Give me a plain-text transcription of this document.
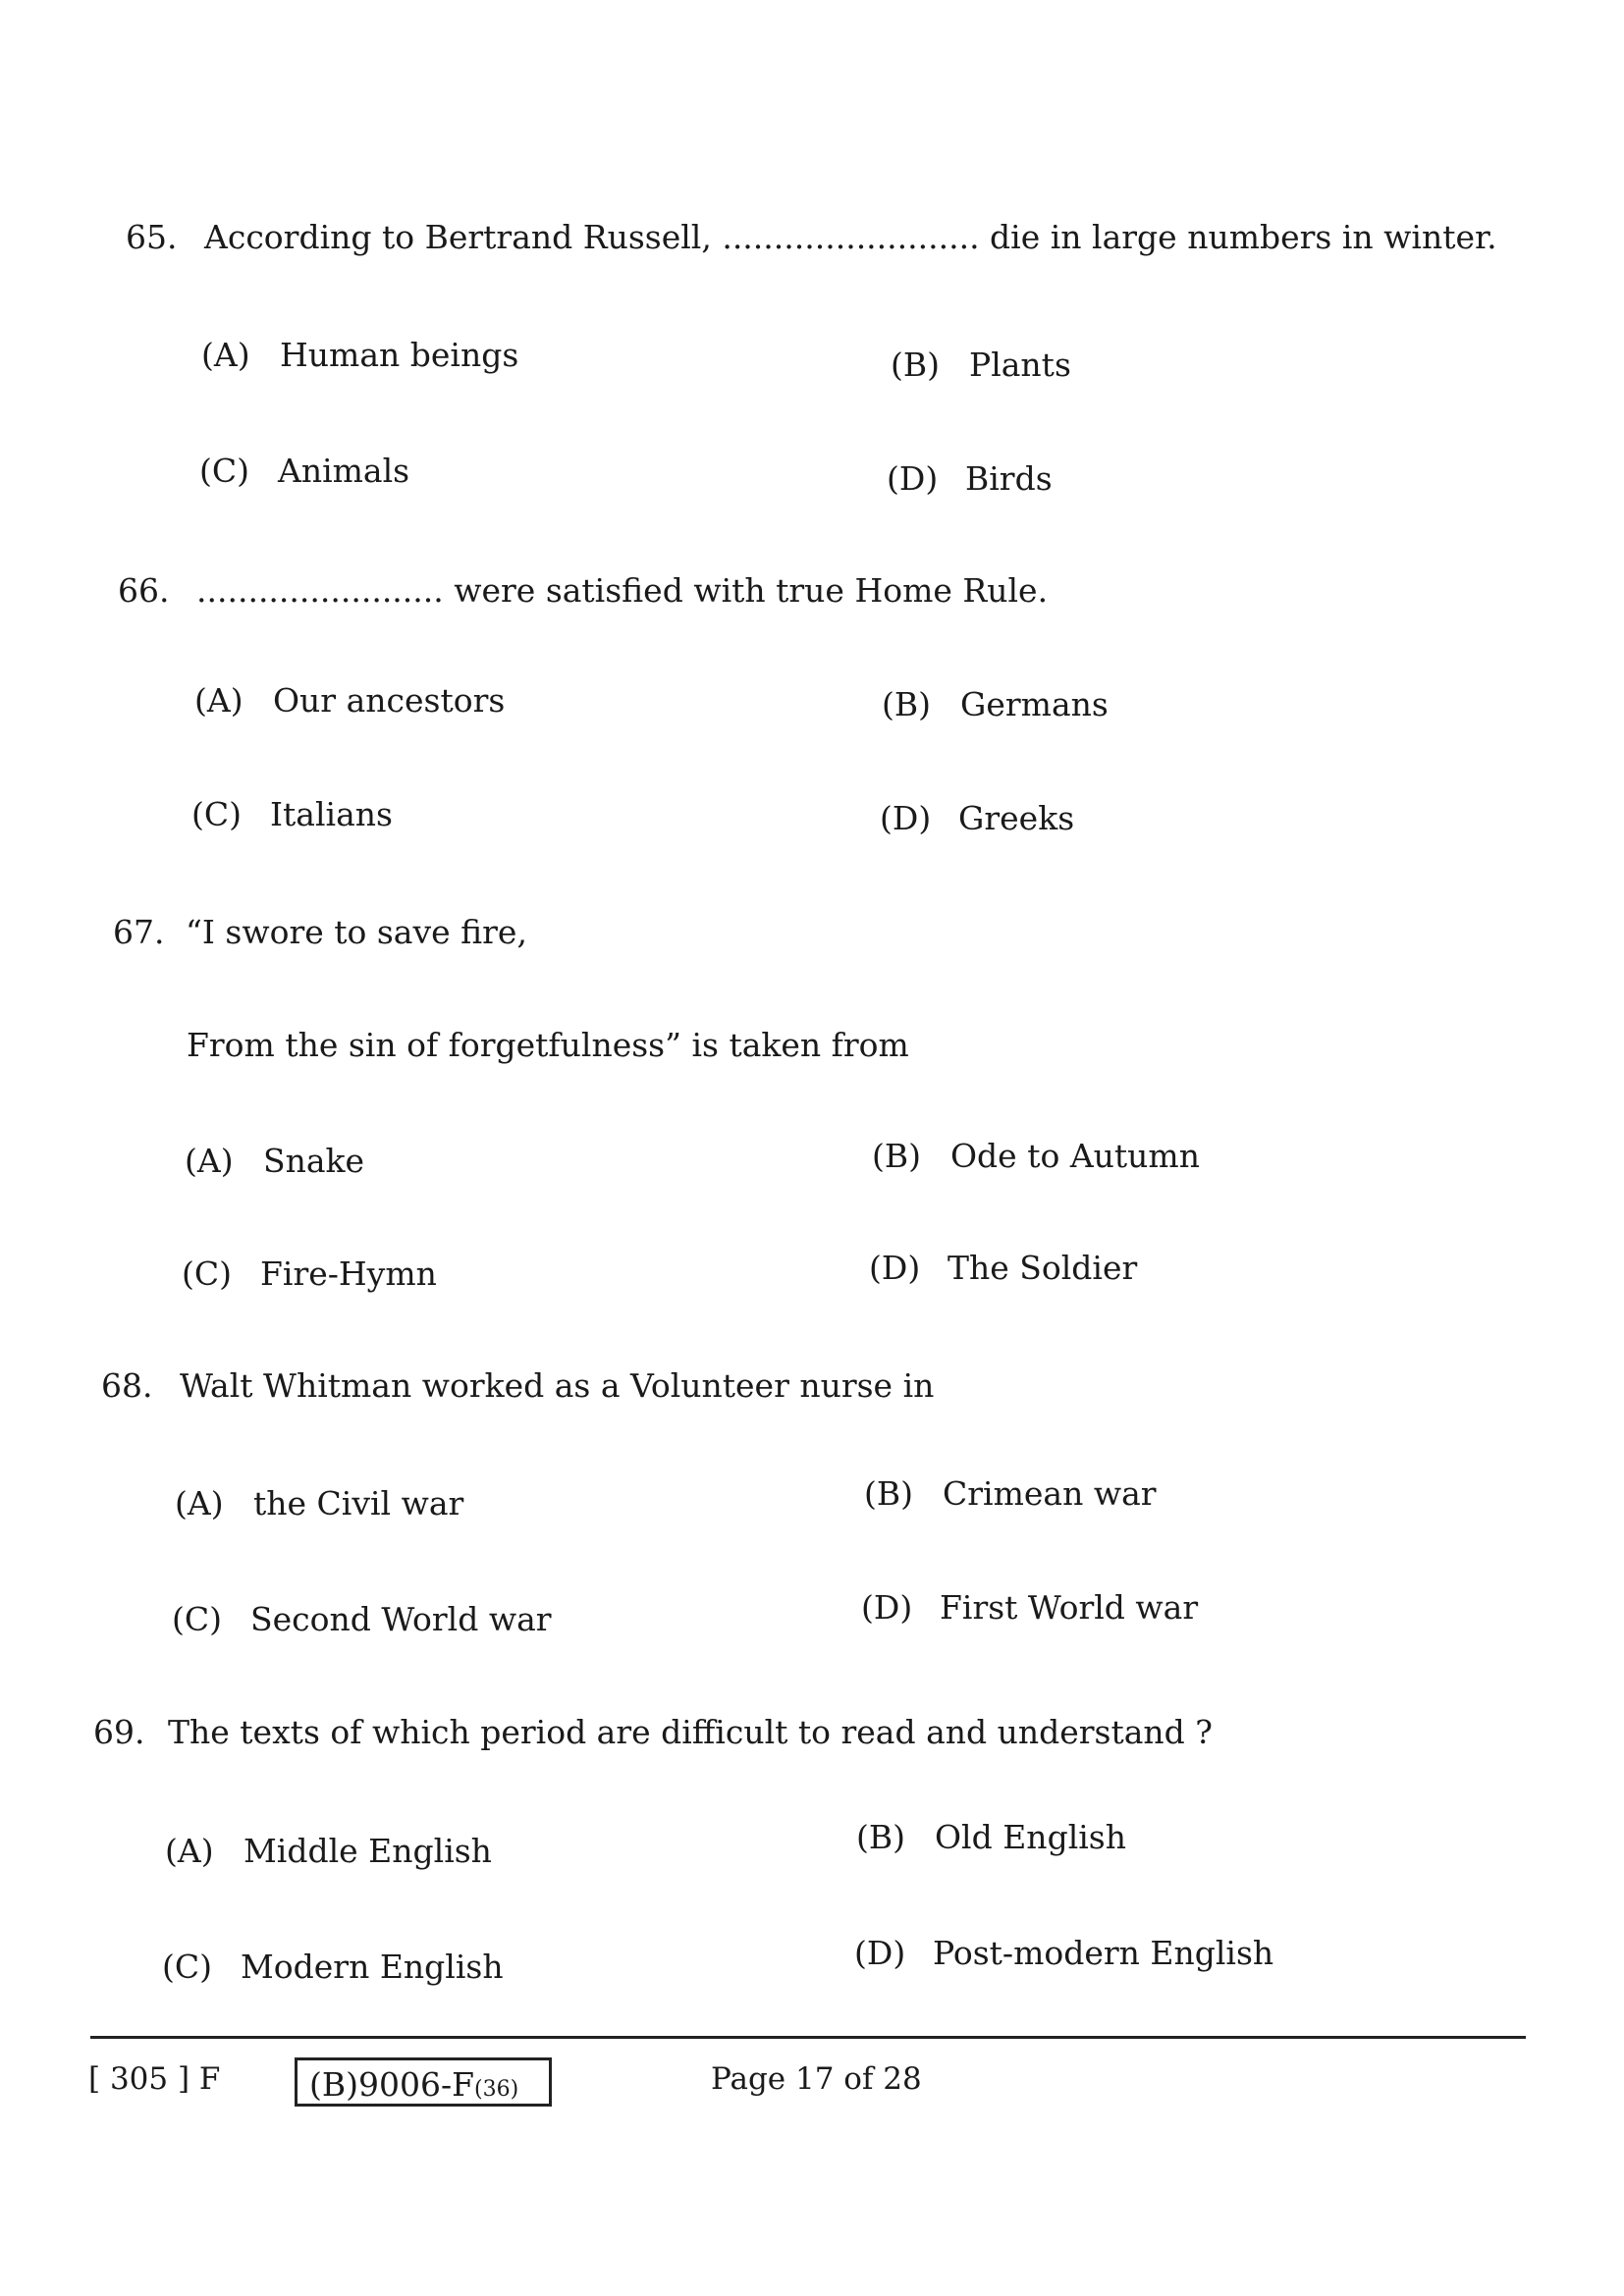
65. According to Bertrand Russell, ......................... die in large numbers in winter.
(A) Human beings	(B) Plants
(C) Animals	(D) Birds
66. ........................ were satisfied with true Home Rule.
(A) Our ancestors	(B) Germans
(C) Italians	(D) Greeks
67. “I swore to save fire,
From the sin of forgetfulness” is taken from
(A) Snake	(B) Ode to Autumn
(C) Fire-Hymn	(D) The Soldier
68. Walt Whitman worked as a Volunteer nurse in
(A) the Civil war	(B) Crimean war
(C) Second World war	(D) First World war
69. The texts of which period are difficult to read and understand ?
(A) Middle English	(B) Old English
(C) Modern English	(D) Post-modern English
[ 305 ] F	(B)9006-F(36)	Page 17 of 28
